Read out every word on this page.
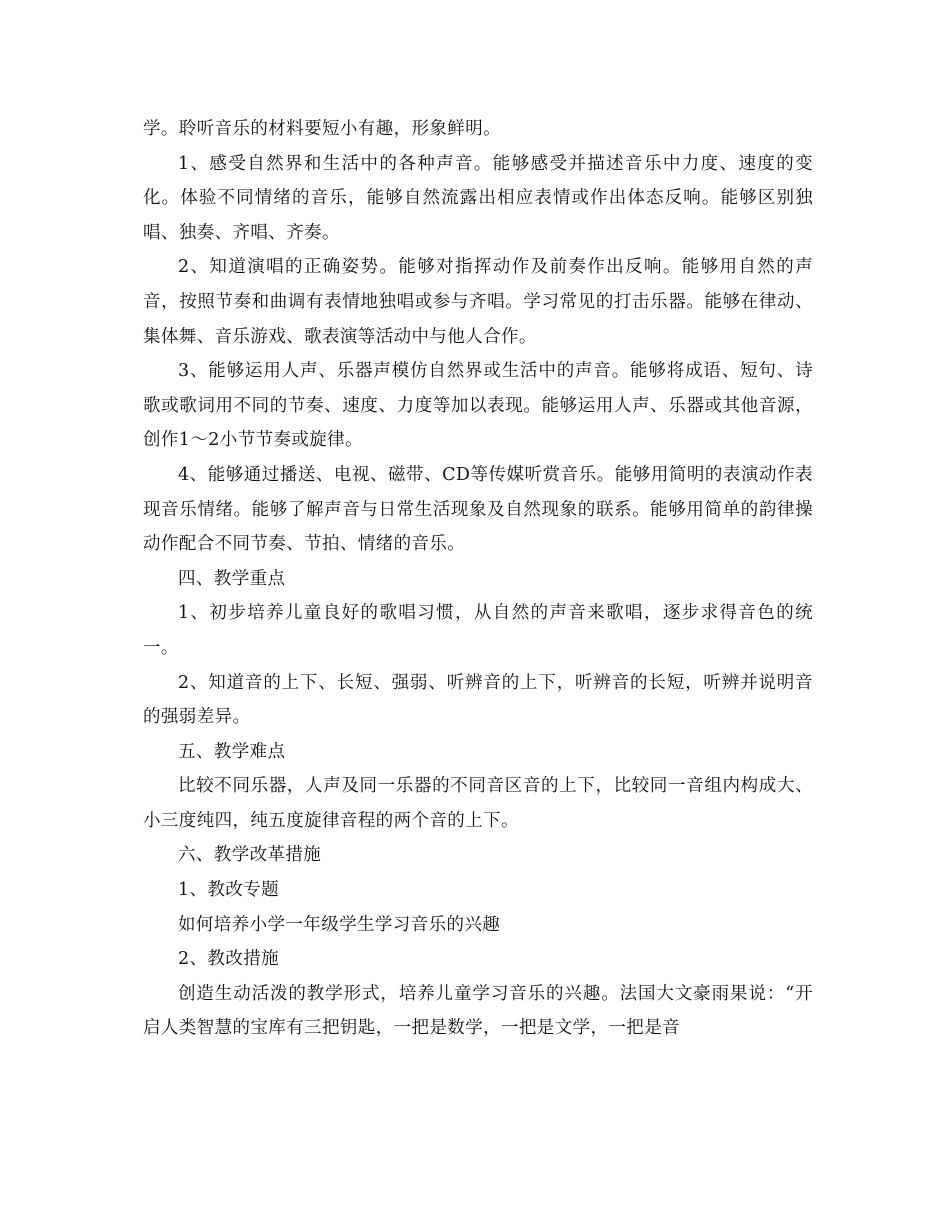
学。聆听音乐的材料要短小有趣，形象鲜明。

1、感受自然界和生活中的各种声音。能够感受并描述音乐中力度、速度的变化。体验不同情绪的音乐，能够自然流露出相应表情或作出体态反响。能够区别独唱、独奏、齐唱、齐奏。

2、知道演唱的正确姿势。能够对指挥动作及前奏作出反响。能够用自然的声音，按照节奏和曲调有表情地独唱或参与齐唱。学习常见的打击乐器。能够在律动、集体舞、音乐游戏、歌表演等活动中与他人合作。

3、能够运用人声、乐器声模仿自然界或生活中的声音。能够将成语、短句、诗歌或歌词用不同的节奏、速度、力度等加以表现。能够运用人声、乐器或其他音源，创作1～2小节节奏或旋律。

4、能够通过播送、电视、磁带、CD等传媒听赏音乐。能够用简明的表演动作表现音乐情绪。能够了解声音与日常生活现象及自然现象的联系。能够用简单的韵律操动作配合不同节奏、节拍、情绪的音乐。

四、教学重点

1、初步培养儿童良好的歌唱习惯，从自然的声音来歌唱，逐步求得音色的统一。

2、知道音的上下、长短、强弱、听辨音的上下，听辨音的长短，听辨并说明音的强弱差异。

五、教学难点

比较不同乐器，人声及同一乐器的不同音区音的上下，比较同一音组内构成大、小三度纯四，纯五度旋律音程的两个音的上下。

六、教学改革措施

1、教改专题

如何培养小学一年级学生学习音乐的兴趣

2、教改措施

创造生动活泼的教学形式，培养儿童学习音乐的兴趣。法国大文豪雨果说：“开启人类智慧的宝库有三把钥匙，一把是数学，一把是文学，一把是音
